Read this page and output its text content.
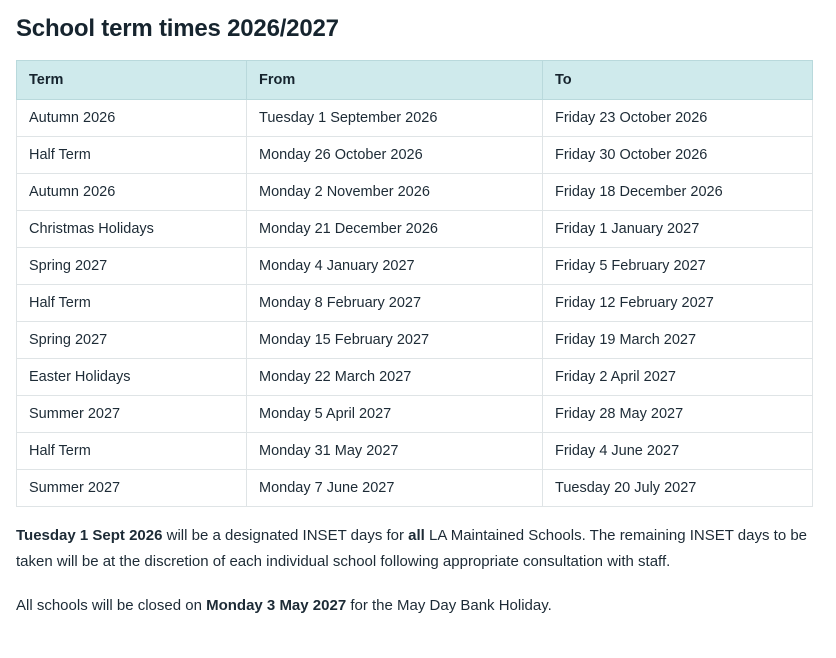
School term times 2026/2027
Term	From	To
Autumn 2026	Tuesday 1 September 2026	Friday 23 October 2026
Half Term	Monday 26 October 2026	Friday 30 October 2026
Autumn 2026	Monday 2 November 2026	Friday 18 December 2026
Christmas Holidays	Monday 21 December 2026	Friday 1 January 2027
Spring 2027	Monday 4 January 2027	Friday 5 February 2027
Half Term	Monday 8 February 2027	Friday 12 February 2027
Spring 2027	Monday 15 February 2027	Friday 19 March 2027
Easter Holidays	Monday 22 March 2027	Friday 2 April 2027
Summer 2027	Monday 5 April 2027	Friday 28 May 2027
Half Term	Monday 31 May 2027	Friday 4 June 2027
Summer 2027	Monday 7 June 2027	Tuesday 20 July 2027

Tuesday 1 Sept 2026 will be a designated INSET days for all LA Maintained Schools. The remaining INSET days to be taken will be at the discretion of each individual school following appropriate consultation with staff.

All schools will be closed on Monday 3 May 2027 for the May Day Bank Holiday.
